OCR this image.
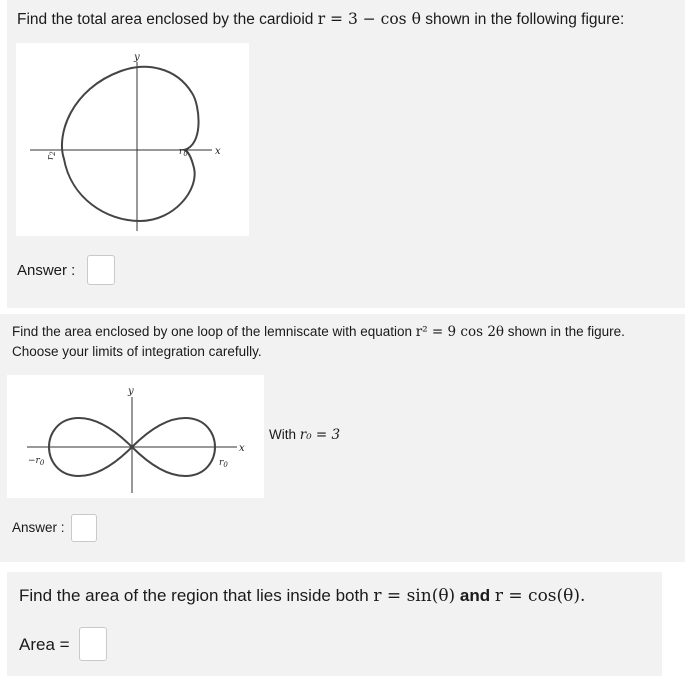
Find the total area enclosed by the cardioid r = 3 − cos θ shown in the following figure:
y
x
$r_2$	$r_0$
Answer :
Find the area enclosed by one loop of the lemniscate with equation r² = 9 cos 2θ shown in the figure.
Choose your limits of integration carefully.
y
x
$-r_0$	$r_0$
With r₀ = 3
Answer :
Find the area of the region that lies inside both r = sin(θ) and r = cos(θ).
Area =
